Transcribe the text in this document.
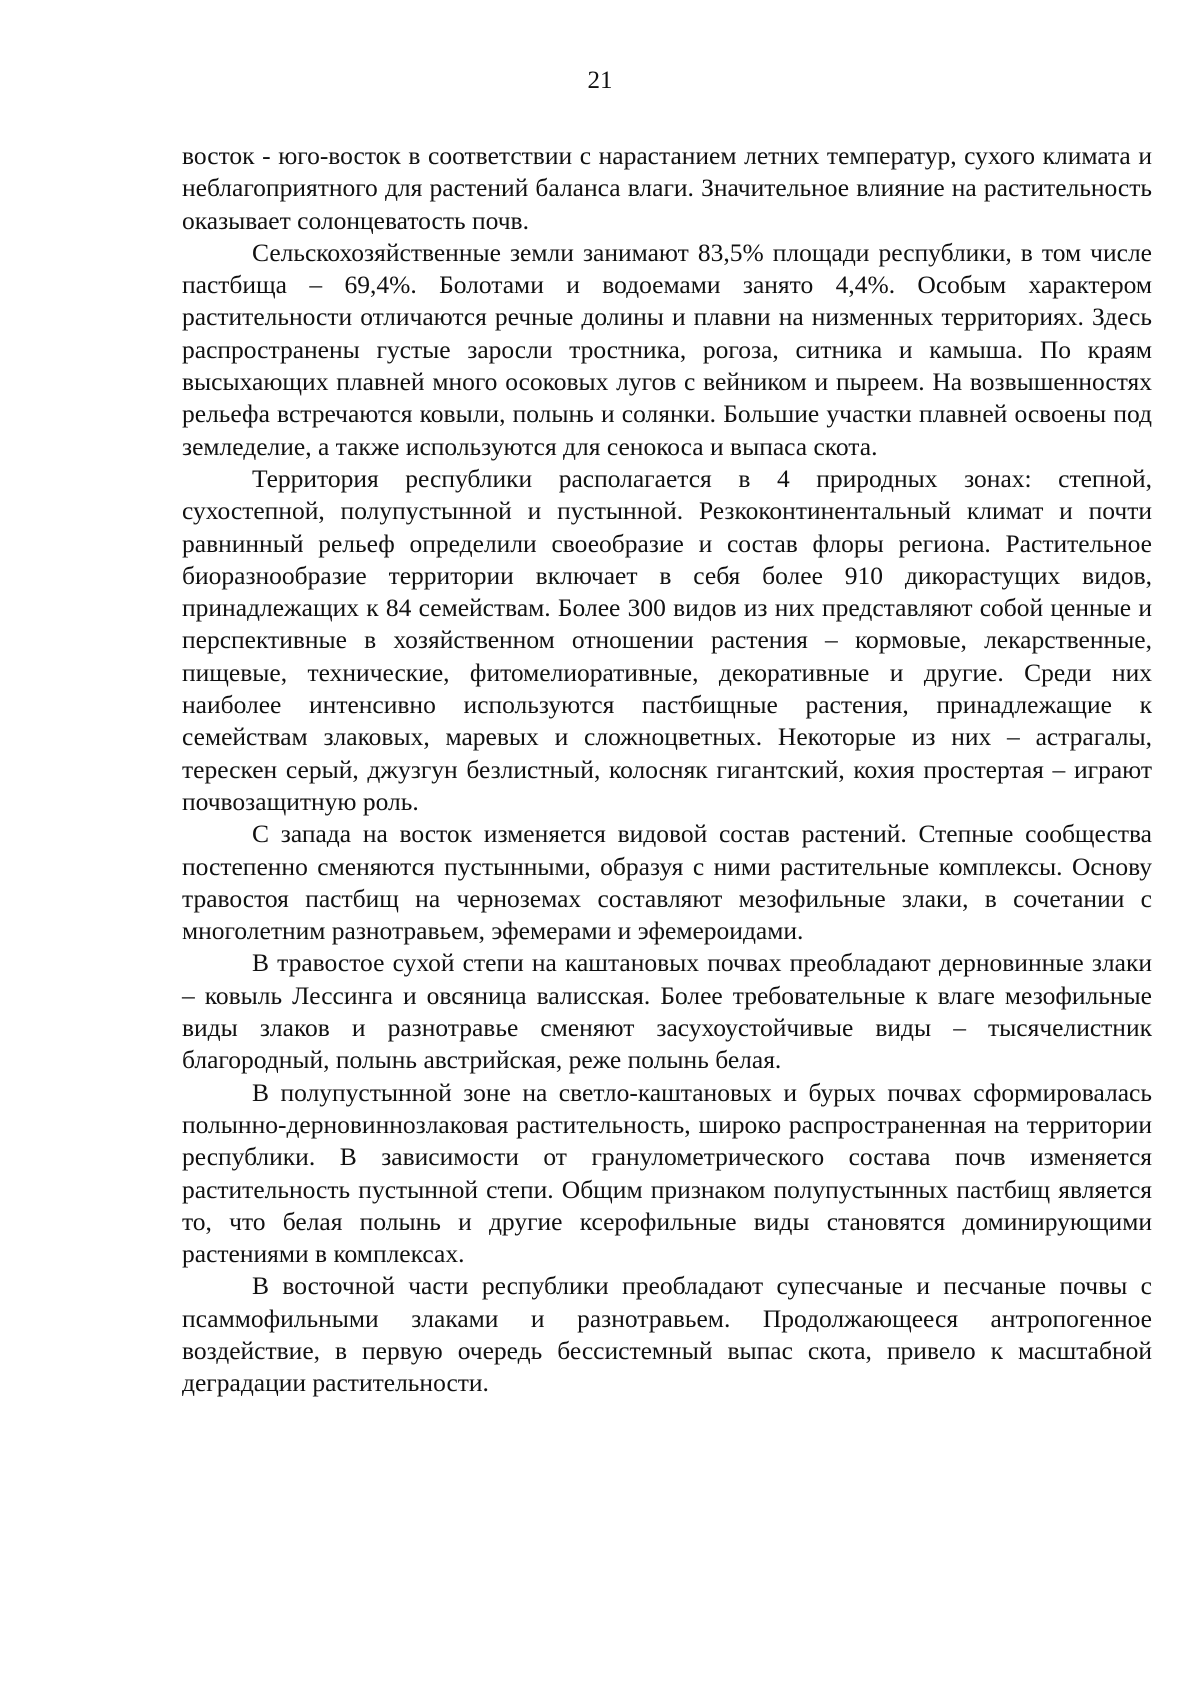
21

восток - юго-восток в соответствии с нарастанием летних температур, сухого климата и неблагоприятного для растений баланса влаги. Значительное влияние на растительность оказывает солонцеватость почв.

Сельскохозяйственные земли занимают 83,5% площади республики, в том числе пастбища – 69,4%. Болотами и водоемами занято 4,4%. Особым характером растительности отличаются речные долины и плавни на низменных территориях. Здесь распространены густые заросли тростника, рогоза, ситника и камыша. По краям высыхающих плавней много осоковых лугов с вейником и пыреем. На возвышенностях рельефа встречаются ковыли, полынь и солянки. Большие участки плавней освоены под земледелие, а также используются для сенокоса и выпаса скота.

Территория республики располагается в 4 природных зонах: степной, сухостепной, полупустынной и пустынной. Резкоконтинентальный климат и почти равнинный рельеф определили своеобразие и состав флоры региона. Растительное биоразнообразие территории включает в себя более 910 дикорастущих видов, принадлежащих к 84 семействам. Более 300 видов из них представляют собой ценные и перспективные в хозяйственном отношении растения – кормовые, лекарственные, пищевые, технические, фитомелиоративные, декоративные и другие. Среди них наиболее интенсивно используются пастбищные растения, принадлежащие к семействам злаковых, маревых и сложноцветных. Некоторые из них – астрагалы, терескен серый, джузгун безлистный, колосняк гигантский, кохия простертая – играют почвозащитную роль.

С запада на восток изменяется видовой состав растений. Степные сообщества постепенно сменяются пустынными, образуя с ними растительные комплексы. Основу травостоя пастбищ на черноземах составляют мезофильные злаки, в сочетании с многолетним разнотравьем, эфемерами и эфемероидами.

В травостое сухой степи на каштановых почвах преобладают дерновинные злаки – ковыль Лессинга и овсяница валисская. Более требовательные к влаге мезофильные виды злаков и разнотравье сменяют засухоустойчивые виды – тысячелистник благородный, полынь австрийская, реже полынь белая.

В полупустынной зоне на светло-каштановых и бурых почвах сформировалась полынно-дерновиннозлаковая растительность, широко распространенная на территории республики. В зависимости от гранулометрического состава почв изменяется растительность пустынной степи. Общим признаком полупустынных пастбищ является то, что белая полынь и другие ксерофильные виды становятся доминирующими растениями в комплексах.

В восточной части республики преобладают супесчаные и песчаные почвы с псаммофильными злаками и разнотравьем. Продолжающееся антропогенное воздействие, в первую очередь бессистемный выпас скота, привело к масштабной деградации растительности.
